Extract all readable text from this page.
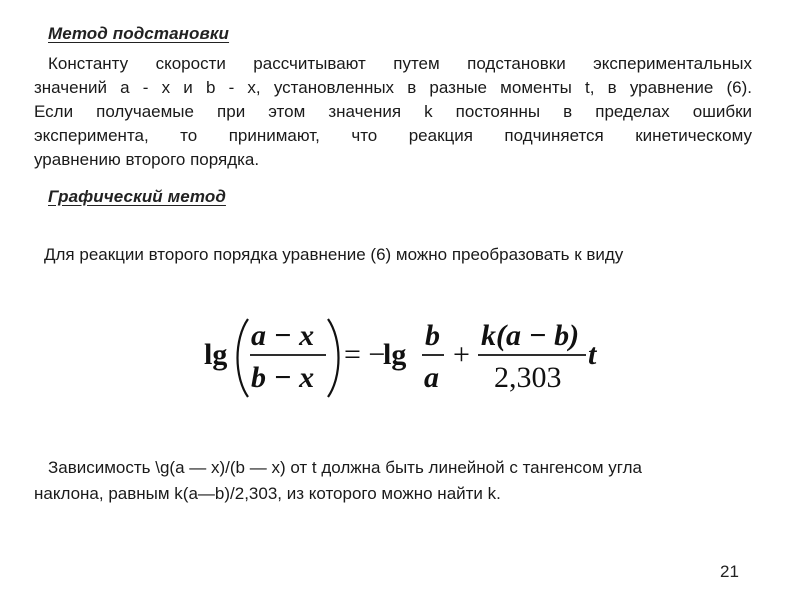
Метод подстановки
Константу скорости рассчитывают путем подстановки экспериментальных
значений a - x и b - x, установленных в разные моменты t, в уравнение (6).
Если получаемые при этом значения k постоянны в пределах ошибки
эксперимента, то принимают, что реакция подчиняется кинетическому
уравнению второго порядка.
Графический метод
Для реакции второго порядка уравнение (6) можно преобразовать к виду
lg
a − x
b − x
= −
lg
b
a
+
k(a − b)
2,303
t
Зависимость \g(a — x)/(b — x) от t должна быть линейной с тангенсом угла
наклона, равным k(a—b)/2,303, из которого можно найти k.
21
